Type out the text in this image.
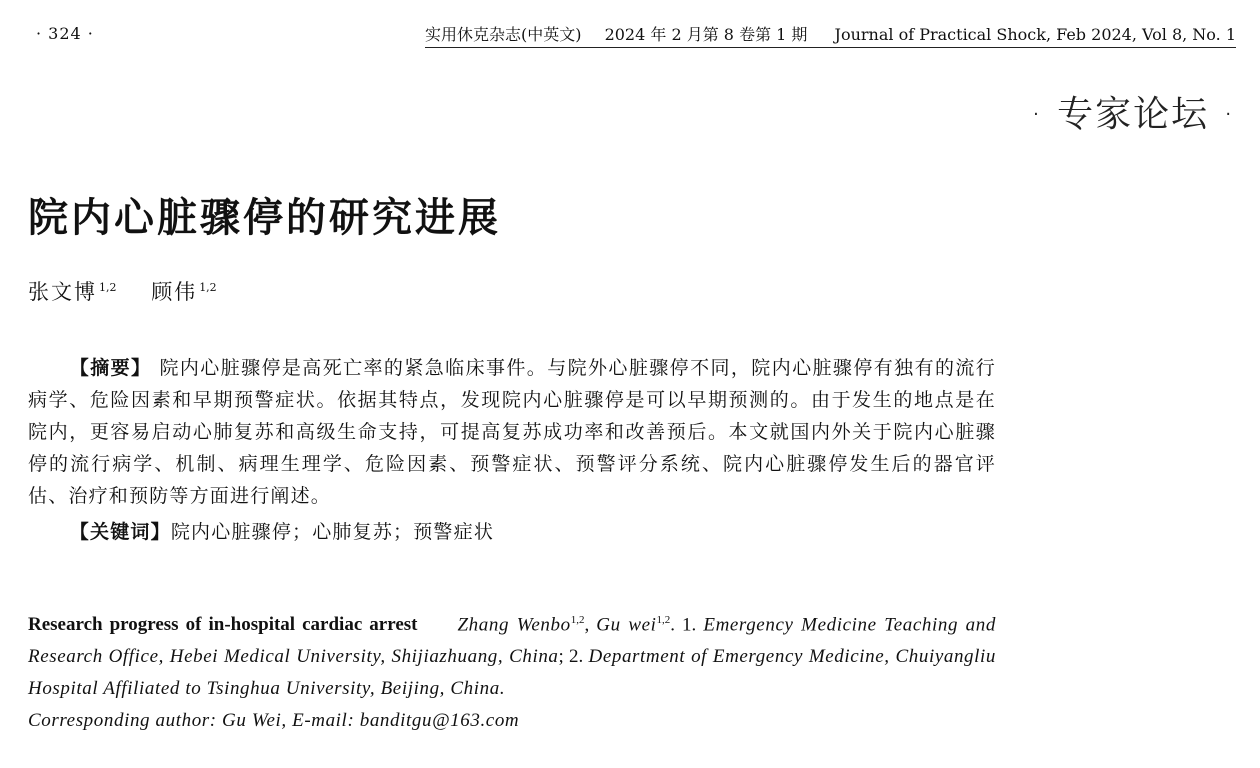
· 324 ·	实用休克杂志(中英文) 2024 年 2 月第 8 卷第 1 期 Journal of Practical Shock, Feb 2024, Vol 8, No. 1
· 专家论坛 ·
院内心脏骤停的研究进展
张文博 $^{1,2}$ 顾伟 $^{1,2}$

【摘要】 院内心脏骤停是高死亡率的紧急临床事件。与院外心脏骤停不同，院内心脏骤停有独有的流行病学、危险因素和早期预警症状。依据其特点，发现院内心脏骤停是可以早期预测的。由于发生的地点是在院内，更容易启动心肺复苏和高级生命支持，可提高复苏成功率和改善预后。本文就国内外关于院内心脏骤停的流行病学、机制、病理生理学、危险因素、预警症状、预警评分系统、院内心脏骤停发生后的器官评估、治疗和预防等方面进行阐述。

【关键词】院内心脏骤停；心肺复苏；预警症状

Research progress of in-hospital cardiac arrest Zhang Wenbo$^{1,2}$, Gu wei$^{1,2}$. 1. Emergency Medicine Teaching and Research Office, Hebei Medical University, Shijiazhuang, China; 2. Department of Emergency Medicine, Chuiyangliu Hospital Affiliated to Tsinghua University, Beijing, China.

Corresponding author: Gu Wei, E-mail: banditgu@163.com
